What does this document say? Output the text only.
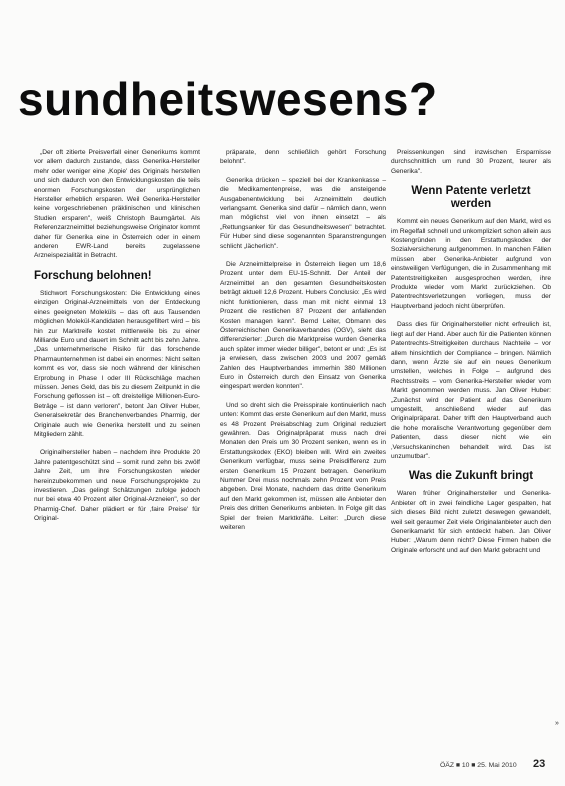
sundheitswesens?

„Der oft zitierte Preisverfall einer Generikums kommt vor allem dadurch zustande, dass Generika-Hersteller mehr oder weniger eine ‚Kopie' des Originals herstellen und sich dadurch von den Entwicklungskosten die teils enormen Forschungskosten der ursprünglichen Hersteller erheblich ersparen. Weil Generika-Hersteller keine vorgeschriebenen präklinischen und klinischen Studien ersparen", weiß Christoph Baumgärtel. Als Referenzarzneimittel beziehungsweise Originator kommt daher für Generika eine in Österreich oder in einem anderen EWR-Land bereits zugelassene Arzneispezialität in Betracht.

Forschung belohnen!

Stichwort Forschungskosten: Die Entwicklung eines einzigen Original-Arzneimittels von der Entdeckung eines geeigneten Moleküls – das oft aus Tausenden möglichen Molekül-Kandidaten herausgefiltert wird – bis hin zur Marktreife kostet mittlerweile bis zu einer Milliarde Euro und dauert im Schnitt acht bis zehn Jahre. „Das unternehmerische Risiko für das forschende Pharmaunternehmen ist dabei ein enormes: Nicht selten kommt es vor, dass sie noch während der klinischen Erprobung in Phase I oder III Rückschläge machen müssen. Jenes Geld, das bis zu diesem Zeitpunkt in die Forschung geflossen ist – oft dreistellige Millionen-Euro-Beträge – ist dann verloren", betont Jan Oliver Huber, Generalsekretär des Branchenverbandes Pharmig, der Originale auch wie Generika herstellt und zu seinen Mitgliedern zählt.

Originalhersteller haben – nachdem ihre Produkte 20 Jahre patentgeschützt sind – somit rund zehn bis zwölf Jahre Zeit, um ihre Forschungskosten wieder hereinzubekommen und neue Forschungsprojekte zu investieren. „Das gelingt Schätzungen zufolge jedoch nur bei etwa 40 Prozent aller Original-Arzneien", so der Pharmig-Chef. Daher plädiert er für ‚faire Preise' für Original-

präparate, denn schließlich gehört Forschung belohnt".

Generika drücken – speziell bei der Krankenkasse – die Medikamentenpreise, was die ansteigende Ausgabenentwicklung bei Arzneimitteln deutlich verlangsamt. Generika sind dafür – nämlich dann, wenn man möglichst viel von ihnen einsetzt – als „Rettungsanker für das Gesundheitswesen" betrachtet. Für Huber sind diese sogenannten Sparanstrengungen schlicht „lächerlich".

Die Arzneimittelpreise in Österreich liegen um 18,6 Prozent unter dem EU-15-Schnitt. Der Anteil der Arzneimittel an den gesamten Gesundheitskosten beträgt aktuell 12,6 Prozent. Hubers Conclusio: „Es wird nicht funktionieren, dass man mit nicht einmal 13 Prozent die restlichen 87 Prozent der anfallenden Kosten managen kann". Bernd Leiter, Obmann des Österreichischen Generikaverbandes (OGV), sieht das differenzierter: „Durch die Marktpreise wurden Generika auch später immer wieder billiger", betont er und: „Es ist ja erwiesen, dass zwischen 2003 und 2007 gemäß Zahlen des Hauptverbandes immerhin 380 Millionen Euro in Österreich durch den Einsatz von Generika eingespart werden konnten".

Und so dreht sich die Preisspirale kontinuierlich nach unten: Kommt das erste Generikum auf den Markt, muss es 48 Prozent Preisabschlag zum Original reduziert gewähren. Das Originalpräparat muss nach drei Monaten den Preis um 30 Prozent senken, wenn es in Erstattungskodex (EKO) bleiben will. Wird ein zweites Generikum verfügbar, muss seine Preisdifferenz zum ersten Generikum 15 Prozent betragen. Generikum Nummer Drei muss nochmals zehn Prozent vom Preis abgeben. Drei Monate, nachdem das dritte Generikum auf den Markt gekommen ist, müssen alle Anbieter den Preis des dritten Generikums anbieten. In Folge gilt das Spiel der freien Marktkräfte. Leiter: „Durch diese weiteren

Preissenkungen sind inzwischen Ersparnisse durchschnittlich um rund 30 Prozent, teurer als Generika".

Wenn Patente verletzt werden

Kommt ein neues Generikum auf den Markt, wird es im Regelfall schnell und unkompliziert schon allein aus Kostengründen in den Erstattungskodex der Sozialversicherung aufgenommen. In manchen Fällen müssen aber Generika-Anbieter aufgrund von einstweiligen Verfügungen, die in Zusammenhang mit Patentstreitigkeiten ausgesprochen werden, ihre Produkte wieder vom Markt zurückziehen. Ob Patentrechtsverletzungen vorliegen, muss der Hauptverband jedoch nicht überprüfen.

Dass dies für Originalhersteller nicht erfreulich ist, liegt auf der Hand. Aber auch für die Patienten können Patentrechts-Streitigkeiten durchaus Nachteile – vor allem hinsichtlich der Compliance – bringen. Nämlich dann, wenn Ärzte sie auf ein neues Generikum umstellen, welches in Folge – aufgrund des Rechtsstreits – vom Generika-Hersteller wieder vom Markt genommen werden muss. Jan Oliver Huber: „Zunächst wird der Patient auf das Generikum umgestellt, anschließend wieder auf das Originalpräparat. Daher trifft den Hauptverband auch die hohe moralische Verantwortung gegenüber dem Patienten, dass dieser nicht wie ein ‚Versuchskaninchen behandelt wird. Das ist unzumutbar".

Was die Zukunft bringt

Waren früher Originalhersteller und Generika-Anbieter oft in zwei feindliche Lager gespalten, hat sich dieses Bild nicht zuletzt deswegen gewandelt, weil seit geraumer Zeit viele Originalanbieter auch den Generikamarkt für sich entdeckt haben. Jan Oliver Huber: „Warum denn nicht? Diese Firmen haben die Originale erforscht und auf den Markt gebracht und

»
ÖÄZ ■ 10 ■ 25. Mai 2010 23
